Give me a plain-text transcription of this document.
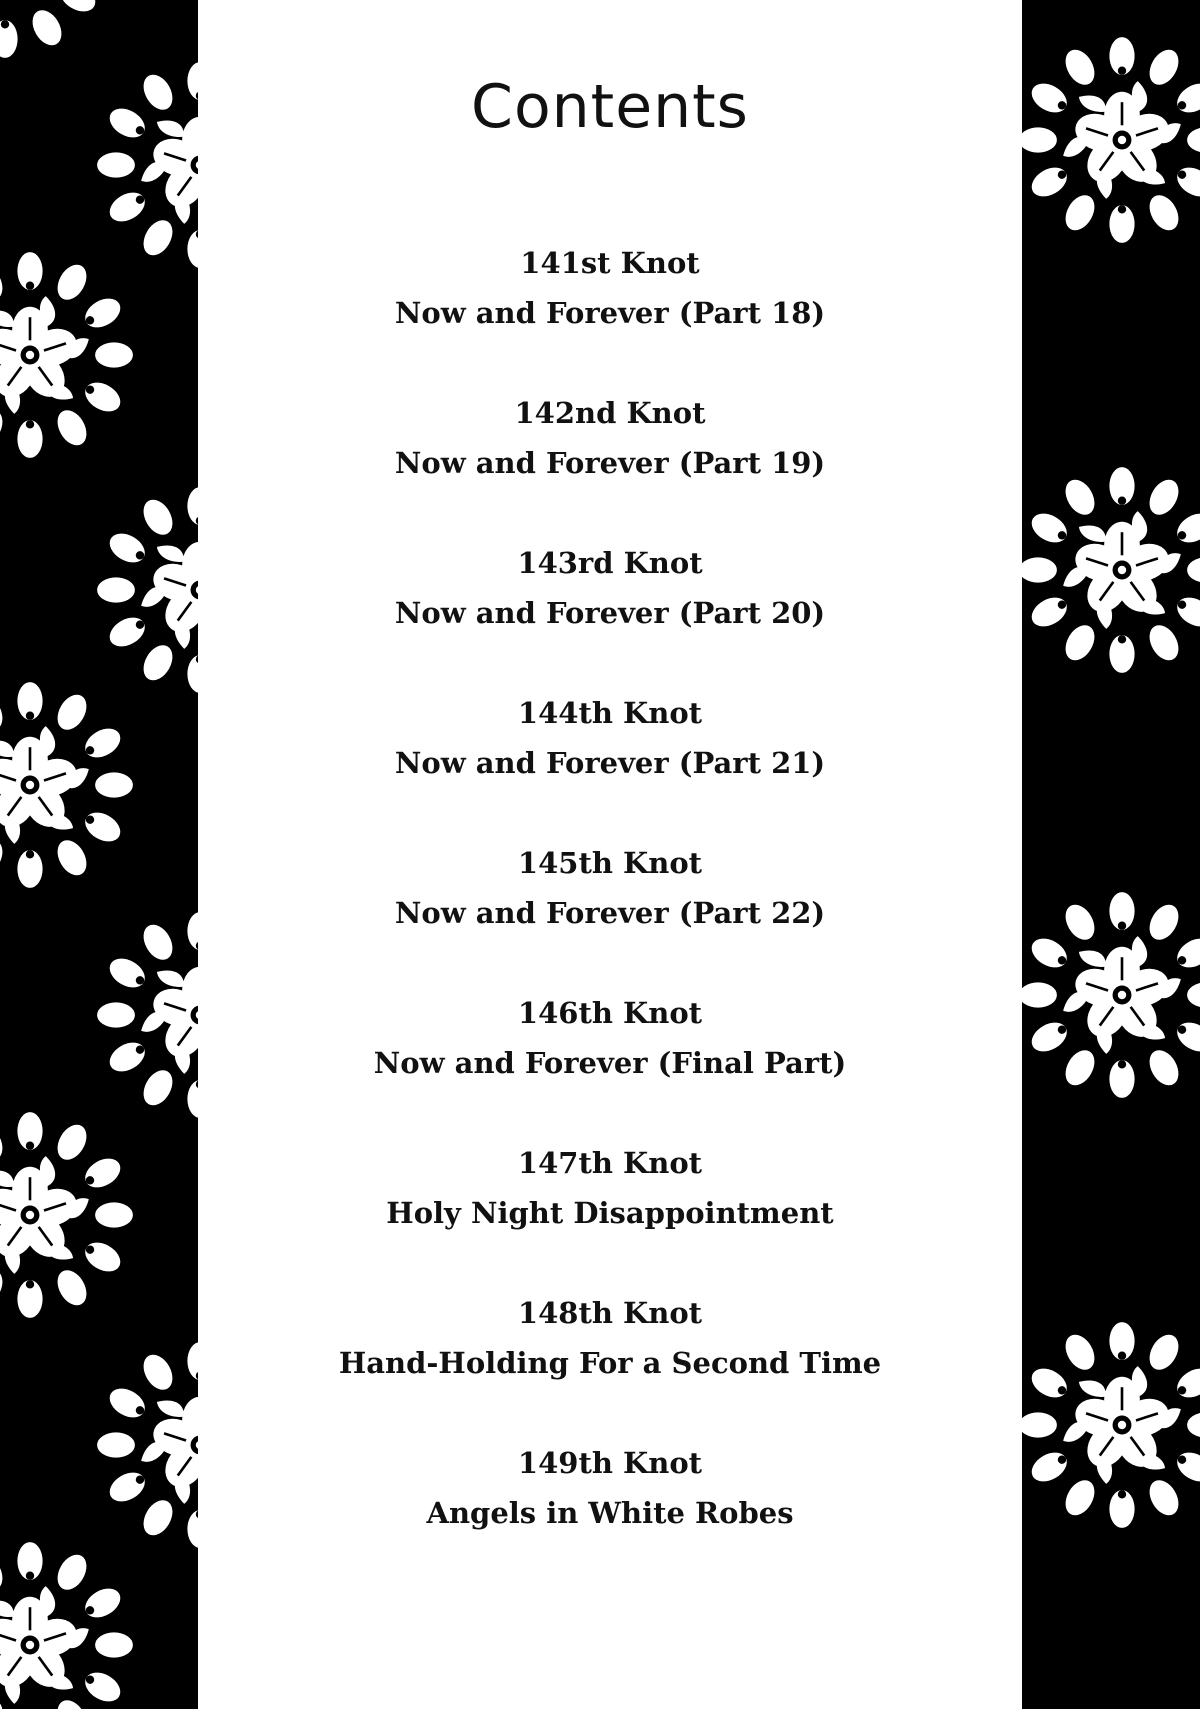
Contents
141st Knot
Now and Forever (Part 18)
142nd Knot
Now and Forever (Part 19)
143rd Knot
Now and Forever (Part 20)
144th Knot
Now and Forever (Part 21)
145th Knot
Now and Forever (Part 22)
146th Knot
Now and Forever (Final Part)
147th Knot
Holy Night Disappointment
148th Knot
Hand-Holding For a Second Time
149th Knot
Angels in White Robes
